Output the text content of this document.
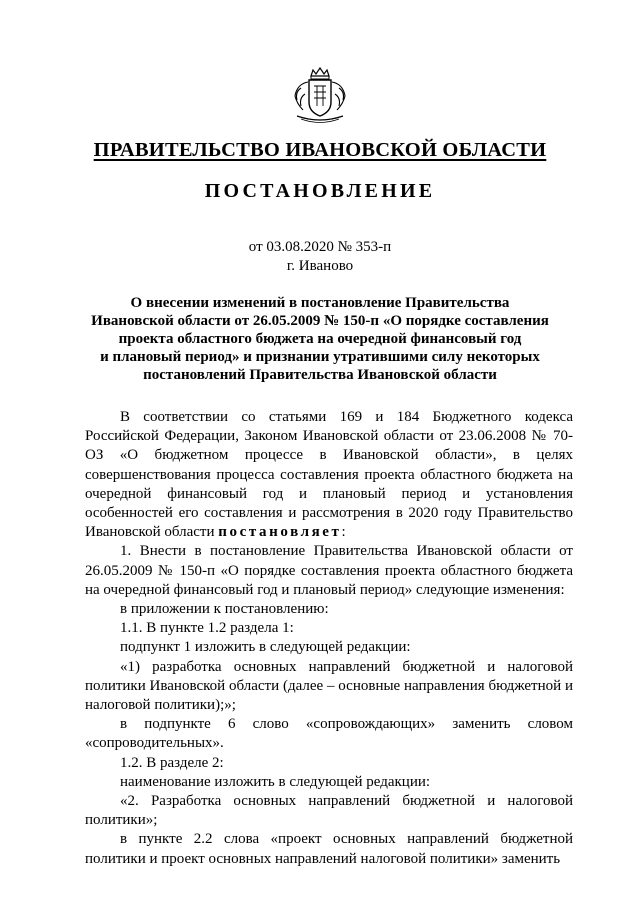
ПРАВИТЕЛЬСТВО ИВАНОВСКОЙ ОБЛАСТИ
ПОСТАНОВЛЕНИЕ
от 03.08.2020 № 353-п
г. Иваново
О внесении изменений в постановление Правительства
Ивановской области от 26.05.2009 № 150-п «О порядке составления
проекта областного бюджета на очередной финансовый год
и плановый период» и признании утратившими силу некоторых
постановлений Правительства Ивановской области

В соответствии со статьями 169 и 184 Бюджетного кодекса Российской Федерации, Законом Ивановской области от 23.06.2008 № 70-ОЗ «О бюджетном процессе в Ивановской области», в целях совершенствования процесса составления проекта областного бюджета на очередной финансовый год и плановый период и установления особенностей его составления и рассмотрения в 2020 году Правительство Ивановской области постановляет:

1. Внести в постановление Правительства Ивановской области от 26.05.2009 № 150-п «О порядке составления проекта областного бюджета на очередной финансовый год и плановый период» следующие изменения:

в приложении к постановлению:

1.1. В пункте 1.2 раздела 1:

подпункт 1 изложить в следующей редакции:

«1) разработка основных направлений бюджетной и налоговой политики Ивановской области (далее – основные направления бюджетной и налоговой политики);»;

в подпункте 6 слово «сопровождающих» заменить словом «сопроводительных».

1.2. В разделе 2:

наименование изложить в следующей редакции:

«2. Разработка основных направлений бюджетной и налоговой политики»;

в пункте 2.2 слова «проект основных направлений бюджетной политики и проект основных направлений налоговой политики» заменить
